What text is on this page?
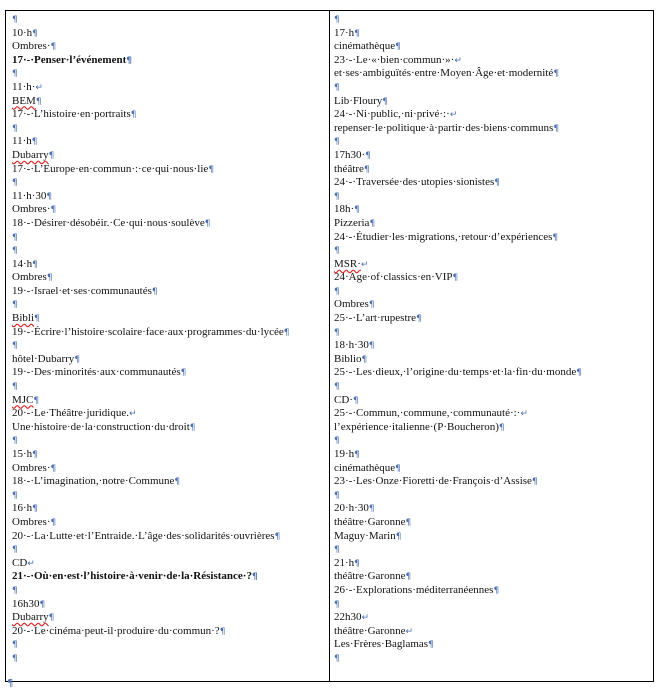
¶
10·h¶
Ombres·¶
17·-·Penser·l’événement¶
¶
11·h·↵
BEM¶
17·-·L’histoire·en·portraits¶
¶
11·h¶
Dubarry¶
17·-·L’Europe·en·commun·:·ce·qui·nous·lie¶
¶
11·h·30¶
Ombres·¶
18·-·Désirer·désobéir.·Ce·qui·nous·soulève¶
¶
¶
14·h¶
Ombres¶
19·-·Israel·et·ses·communautés¶
¶
Bibli¶
19·-·Écrire·l’histoire·scolaire·face·aux·programmes·du·lycée¶
¶
hôtel·Dubarry¶
19·-·Des·minorités·aux·communautés¶
¶
MJC¶
20·-·Le·Théâtre·juridique.↵
Une·histoire·de·la·construction·du·droit¶
¶
15·h¶
Ombres·¶
18·-·L’imagination,·notre·Commune¶
¶
16·h¶
Ombres·¶
20·-·La·Lutte·et·l’Entraide.·L’âge·des·solidarités·ouvrières¶
¶
CD↵
21·-·Où·en·est·l’histoire·à·venir·de·la·Résistance·?¶
¶
16h30¶
Dubarry¶
20·-·Le·cinéma·peut-il·produire·du·commun·?¶
¶
¶
¶
17·h¶
cinémathèque¶
23·-·Le·«·bien·commun·»·↵
et·ses·ambiguïtés·entre·Moyen·Âge·et·modernité¶
¶
Lib·Floury¶
24·-·Ni·public,·ni·privé·:·↵
repenser·le·politique·à·partir·des·biens·communs¶
¶
17h30·¶
théâtre¶
24·-·Traversée·des·utopies·sionistes¶
¶
18h·¶
Pizzeria¶
24·-·Étudier·les·migrations,·retour·d’expériences¶
¶
MSR·↵
24·Age·of·classics·en·VIP¶
¶
Ombres¶
25·-·L’art·rupestre¶
¶
18·h·30¶
Biblio¶
25·-·Les·dieux,·l’origine·du·temps·et·la·fin·du·monde¶
¶
CD·¶
25·-·Commun,·commune,·communauté·:·↵
l’expérience·italienne·(P·Boucheron)¶
¶
19·h¶
cinémathèque¶
23·-·Les·Onze·Fioretti·de·François·d’Assise¶
¶
20·h·30¶
théâtre·Garonne¶
Maguy·Marin¶
¶
21·h¶
théâtre·Garonne¶
26·-·Explorations·méditerranéennes¶
¶
22h30↵
théâtre·Garonne↵
Les·Frères·Baglamas¶
¶
¶
